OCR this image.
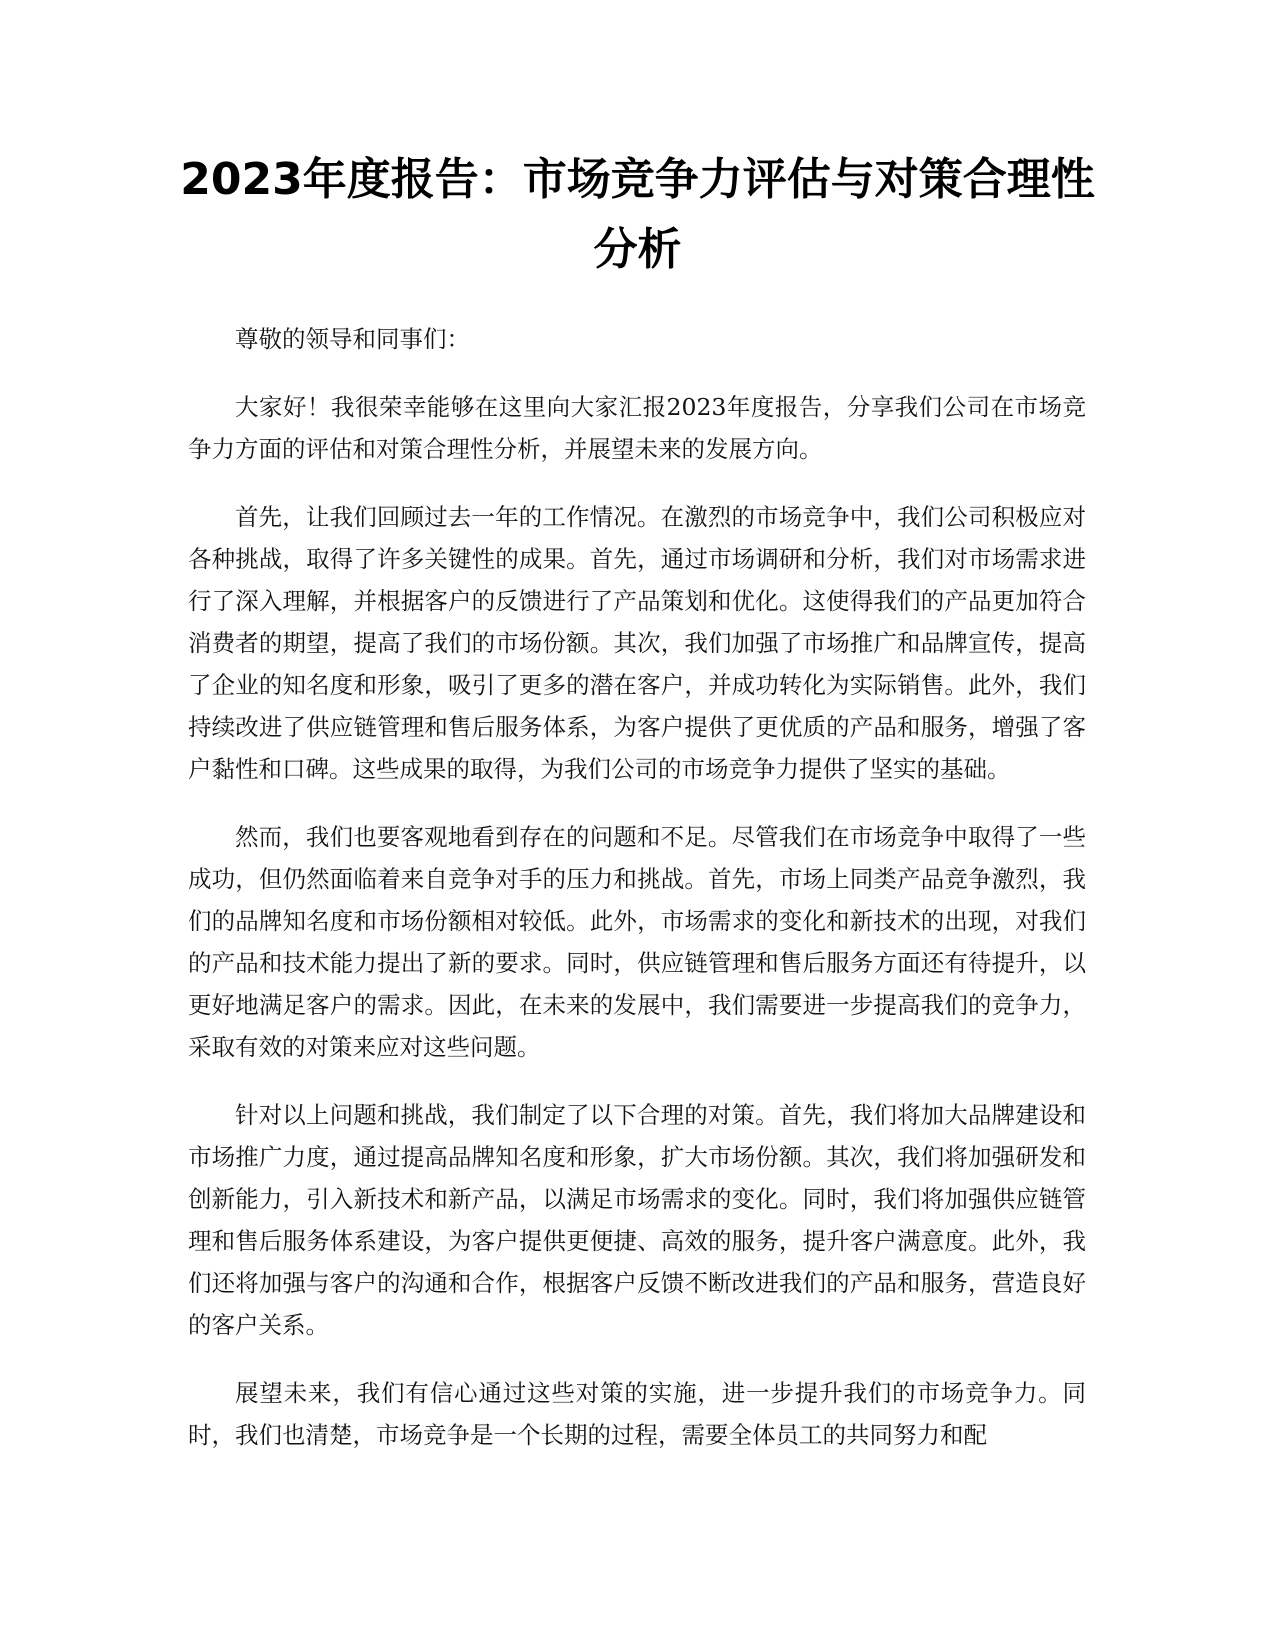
2023年度报告：市场竞争力评估与对策合理性分析

尊敬的领导和同事们：

大家好！我很荣幸能够在这里向大家汇报2023年度报告，分享我们公司在市场竞争力方面的评估和对策合理性分析，并展望未来的发展方向。

首先，让我们回顾过去一年的工作情况。在激烈的市场竞争中，我们公司积极应对各种挑战，取得了许多关键性的成果。首先，通过市场调研和分析，我们对市场需求进行了深入理解，并根据客户的反馈进行了产品策划和优化。这使得我们的产品更加符合消费者的期望，提高了我们的市场份额。其次，我们加强了市场推广和品牌宣传，提高了企业的知名度和形象，吸引了更多的潜在客户，并成功转化为实际销售。此外，我们持续改进了供应链管理和售后服务体系，为客户提供了更优质的产品和服务，增强了客户黏性和口碑。这些成果的取得，为我们公司的市场竞争力提供了坚实的基础。

然而，我们也要客观地看到存在的问题和不足。尽管我们在市场竞争中取得了一些成功，但仍然面临着来自竞争对手的压力和挑战。首先，市场上同类产品竞争激烈，我们的品牌知名度和市场份额相对较低。此外，市场需求的变化和新技术的出现，对我们的产品和技术能力提出了新的要求。同时，供应链管理和售后服务方面还有待提升，以更好地满足客户的需求。因此，在未来的发展中，我们需要进一步提高我们的竞争力，采取有效的对策来应对这些问题。

针对以上问题和挑战，我们制定了以下合理的对策。首先，我们将加大品牌建设和市场推广力度，通过提高品牌知名度和形象，扩大市场份额。其次，我们将加强研发和创新能力，引入新技术和新产品，以满足市场需求的变化。同时，我们将加强供应链管理和售后服务体系建设，为客户提供更便捷、高效的服务，提升客户满意度。此外，我们还将加强与客户的沟通和合作，根据客户反馈不断改进我们的产品和服务，营造良好的客户关系。

展望未来，我们有信心通过这些对策的实施，进一步提升我们的市场竞争力。同时，我们也清楚，市场竞争是一个长期的过程，需要全体员工的共同努力和配
